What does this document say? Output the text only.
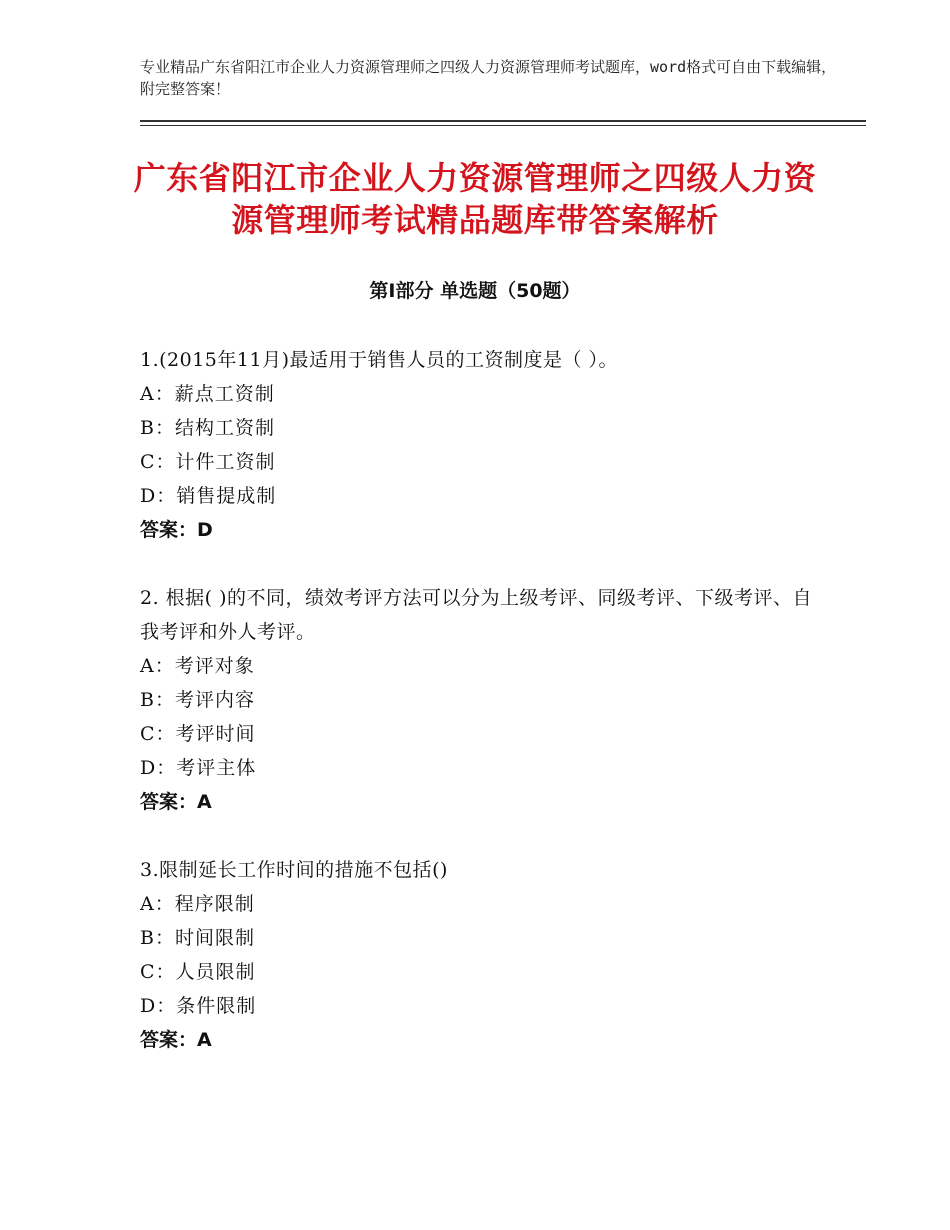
专业精品广东省阳江市企业人力资源管理师之四级人力资源管理师考试题库，word格式可自由下载编辑，附完整答案！
广东省阳江市企业人力资源管理师之四级人力资源管理师考试精品题库带答案解析
第Ⅰ部分 单选题（50题）
1.(2015年11月)最适用于销售人员的工资制度是（ ）。
A：薪点工资制
B：结构工资制
C：计件工资制
D：销售提成制
答案：D
2. 根据( )的不同，绩效考评方法可以分为上级考评、同级考评、下级考评、自我考评和外人考评。
A：考评对象
B：考评内容
C：考评时间
D：考评主体
答案：A
3.限制延长工作时间的措施不包括()
A：程序限制
B：时间限制
C：人员限制
D：条件限制
答案：A
